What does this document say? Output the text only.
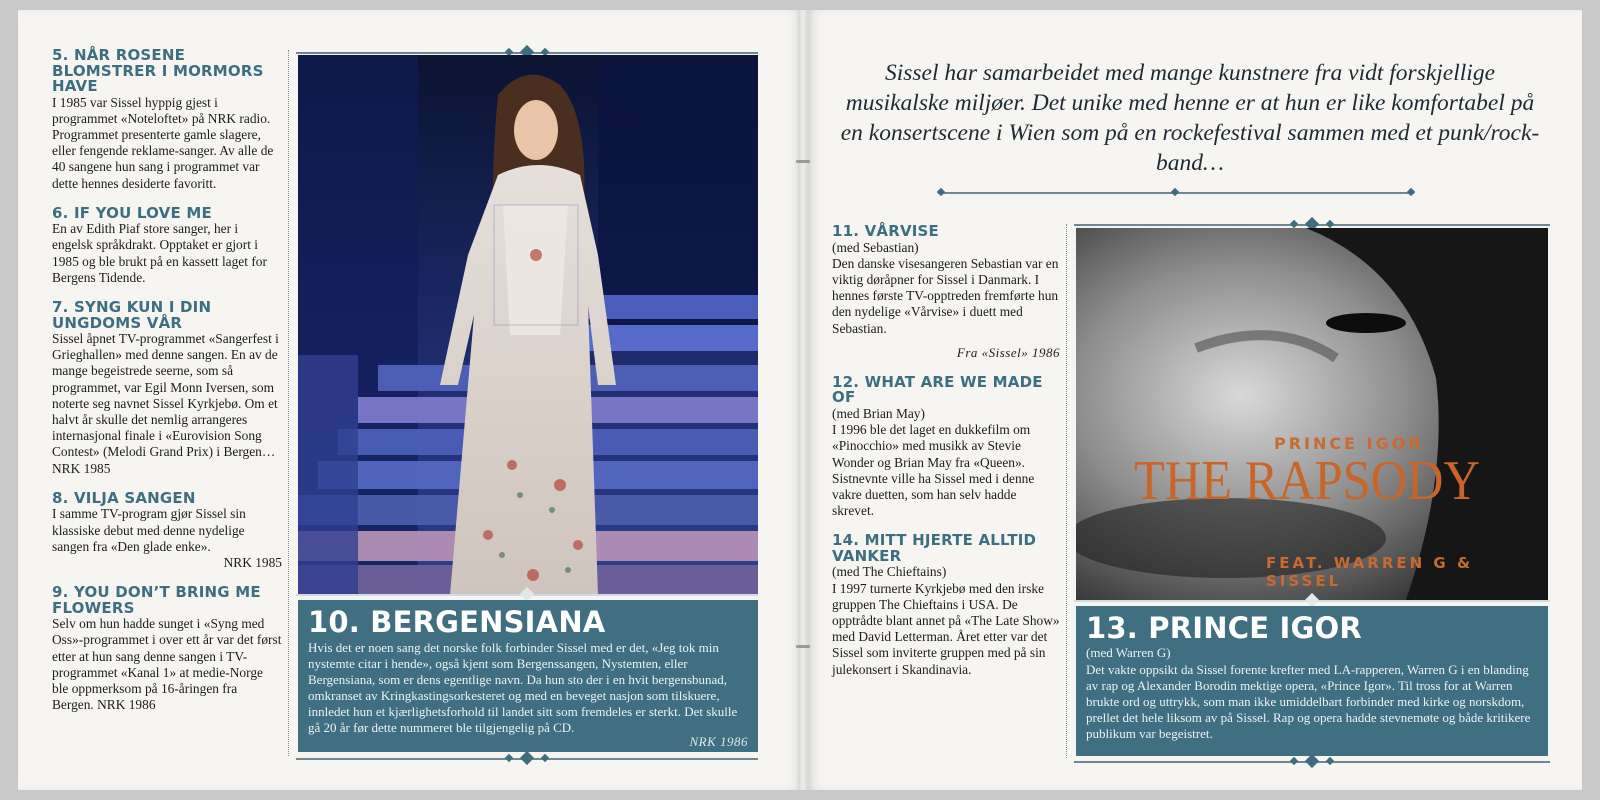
5. NÅR ROSENE BLOMSTRER I MORMORS HAVE

I 1985 var Sissel hyppig gjest i programmet «Noteloftet» på NRK radio. Programmet presenterte gamle slagere, eller fengende reklame-sanger. Av alle de 40 sangene hun sang i programmet var dette hennes desiderte favoritt.

6. IF YOU LOVE ME

En av Edith Piaf store sanger, her i engelsk språkdrakt. Opptaket er gjort i 1985 og ble brukt på en kassett laget for Bergens Tidende.

7. SYNG KUN I DIN UNGDOMS VÅR

Sissel åpnet TV-programmet «Sangerfest i Grieghallen» med denne sangen. En av de mange begeistrede seerne, som så programmet, var Egil Monn Iversen, som noterte seg navnet Sissel Kyrkjebø. Om et halvt år skulle det nemlig arrangeres internasjonal finale i «Eurovision Song Contest» (Melodi Grand Prix) i Bergen… NRK 1985

8. VILJA SANGEN

I samme TV-program gjør Sissel sin klassiske debut med denne nydelige sangen fra «Den glade enke».

NRK 1985
9. YOU DON’T BRING ME FLOWERS

Selv om hun hadde sunget i «Syng med Oss»-programmet i over ett år var det først etter at hun sang denne sangen i TV-programmet «Kanal 1» at medie-Norge ble oppmerksom på 16-åringen fra Bergen. NRK 1986

10. BERGENSIANA

Hvis det er noen sang det norske folk forbinder Sissel med er det, «Jeg tok min nystemte citar i hende», også kjent som Bergenssangen, Nystemten, eller Bergensiana, som er dens egentlige navn. Da hun sto der i en hvit bergensbunad, omkranset av Kringkastingsorkesteret og med en beveget nasjon som tilskuere, innledet hun et kjærlighetsforhold til landet sitt som fremdeles er sterkt. Det skulle gå 20 år før dette nummeret ble tilgjengelig på CD.

NRK 1986
Sissel har samarbeidet med mange kunstnere fra vidt forskjellige musikalske miljøer. Det unike med henne er at hun er like komfortabel på en konsertscene i Wien som på en rockefestival sammen med et punk/rock-band…
11. VÅRVISE
(med Sebastian)

Den danske visesangeren Sebastian var en viktig døråpner for Sissel i Danmark. I hennes første TV-opptreden fremførte hun den nydelige «Vårvise» i duett med Sebastian.

Fra «Sissel» 1986
12. WHAT ARE WE MADE OF
(med Brian May)

I 1996 ble det laget en dukkefilm om «Pinocchio» med musikk av Stevie Wonder og Brian May fra «Queen». Sistnevnte ville ha Sissel med i denne vakre duetten, som han selv hadde skrevet.

14. MITT HJERTE ALLTID VANKER
(med The Chieftains)

I 1997 turnerte Kyrkjebø med den irske gruppen The Chieftains i USA. De opptrådte blant annet på «The Late Show» med David Letterman. Året etter var det Sissel som inviterte gruppen med på sin julekonsert i Skandinavia.

PRINCE IGOR
THE RAPSODY
FEAT. WARREN G & SISSEL
13. PRINCE IGOR
(med Warren G)

Det vakte oppsikt da Sissel forente krefter med LA-rapperen, Warren G i en blanding av rap og Alexander Borodin mektige opera, «Prince Igor». Til tross for at Warren brukte ord og uttrykk, som man ikke umiddelbart forbinder med kirke og norskdom, prellet det hele liksom av på Sissel. Rap og opera hadde stevnemøte og både kritikere publikum var begeistret.
